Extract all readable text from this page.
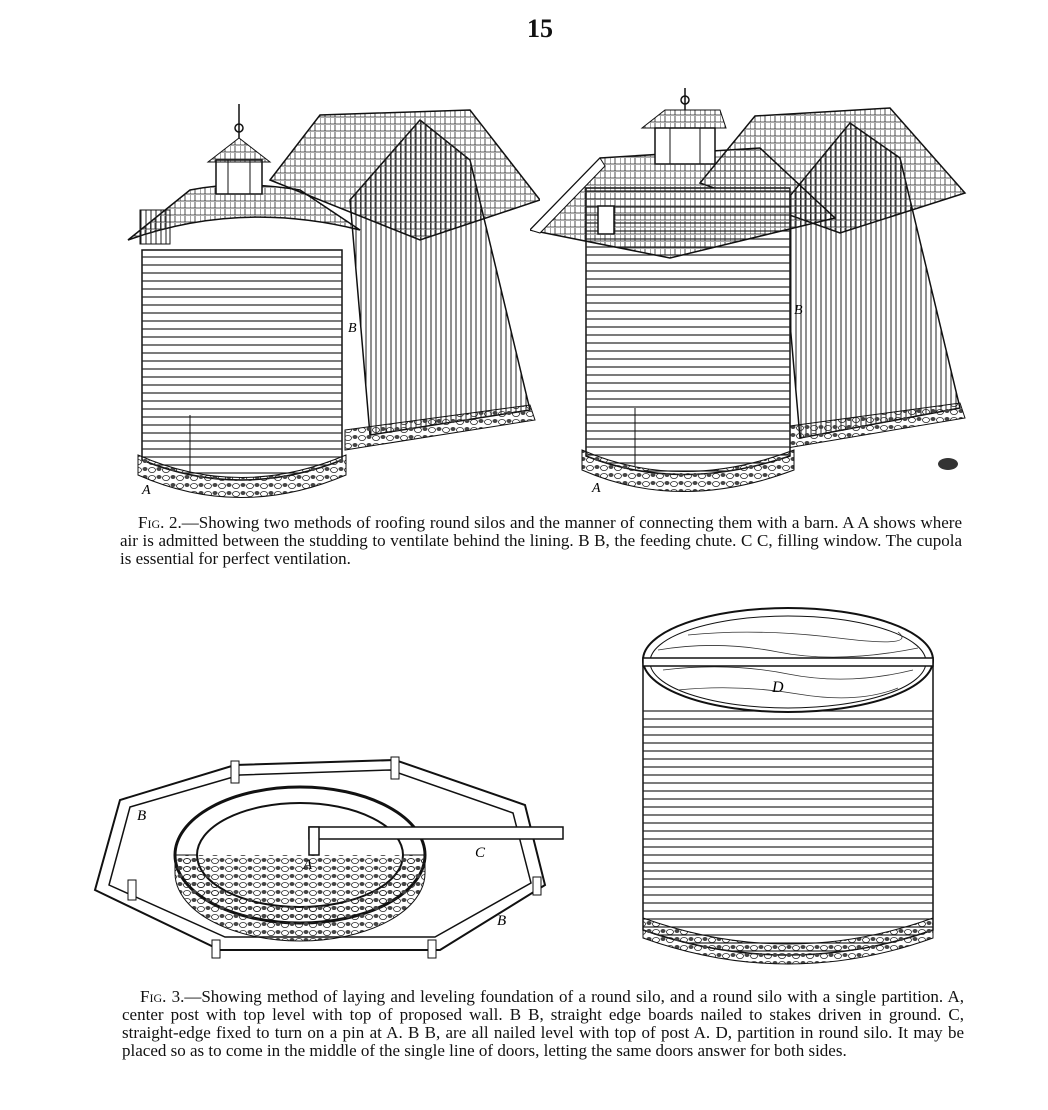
15
A
B
A
B
Fig. 2.—Showing two methods of roofing round silos and the manner of connecting them with a barn. A A shows where air is admitted between the studding to ventilate behind the lining. B B, the feeding chute. C C, filling window. The cupola is essential for perfect ventilation.
A
B
B
C
D
Fig. 3.—Showing method of laying and leveling foundation of a round silo, and a round silo with a single partition. A, center post with top level with top of proposed wall. B B, straight edge boards nailed to stakes driven in ground. C, straight-edge fixed to turn on a pin at A. B B, are all nailed level with top of post A. D, partition in round silo. It may be placed so as to come in the middle of the single line of doors, letting the same doors answer for both sides.
